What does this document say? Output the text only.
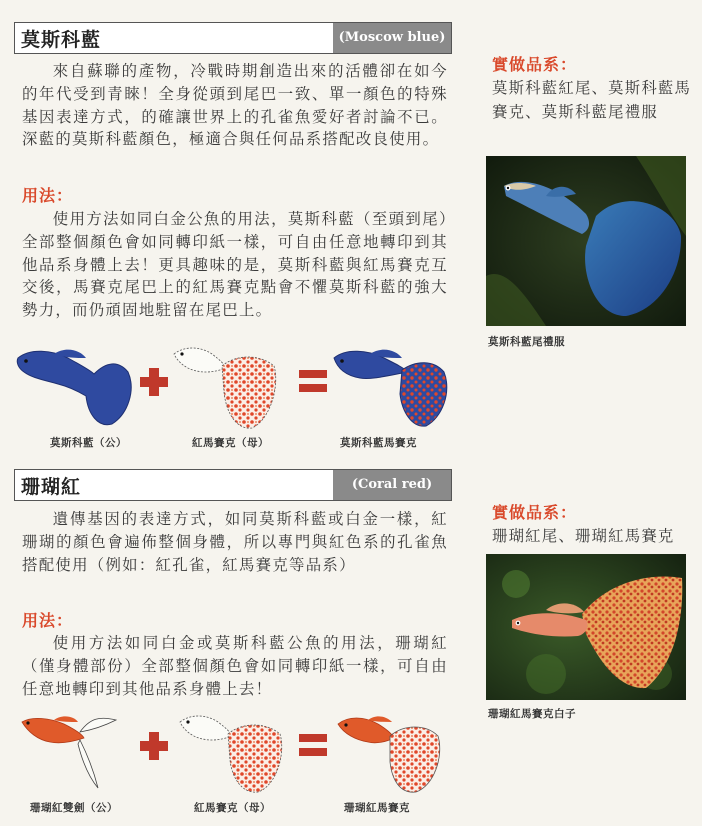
莫斯科藍	(Moscow blue)
來自蘇聯的產物，冷戰時期創造出來的活體卻在如今的年代受到青睞！全身從頭到尾巴一致、單一顏色的特殊基因表達方式，的確讓世界上的孔雀魚愛好者討論不已。深藍的莫斯科藍顏色，極適合與任何品系搭配改良使用。
用法：
使用方法如同白金公魚的用法，莫斯科藍（至頭到尾）全部整個顏色會如同轉印紙一樣，可自由任意地轉印到其他品系身體上去！更具趣味的是，莫斯科藍與紅馬賽克互交後，馬賽克尾巴上的紅馬賽克點會不懼莫斯科藍的強大勢力，而仍頑固地駐留在尾巴上。
莫斯科藍（公）	紅馬賽克（母）	莫斯科藍馬賽克
實做品系：
莫斯科藍紅尾、莫斯科藍馬賽克、莫斯科藍尾禮服
莫斯科藍尾禮服
珊瑚紅	(Coral red)
遺傳基因的表達方式，如同莫斯科藍或白金一樣，紅珊瑚的顏色會遍佈整個身體，所以專門與紅色系的孔雀魚搭配使用（例如：紅孔雀，紅馬賽克等品系）
用法：
使用方法如同白金或莫斯科藍公魚的用法，珊瑚紅（僅身體部份）全部整個顏色會如同轉印紙一樣，可自由任意地轉印到其他品系身體上去！
珊瑚紅雙劍（公）	紅馬賽克（母）	珊瑚紅馬賽克
實做品系：
珊瑚紅尾、珊瑚紅馬賽克
珊瑚紅馬賽克白子
